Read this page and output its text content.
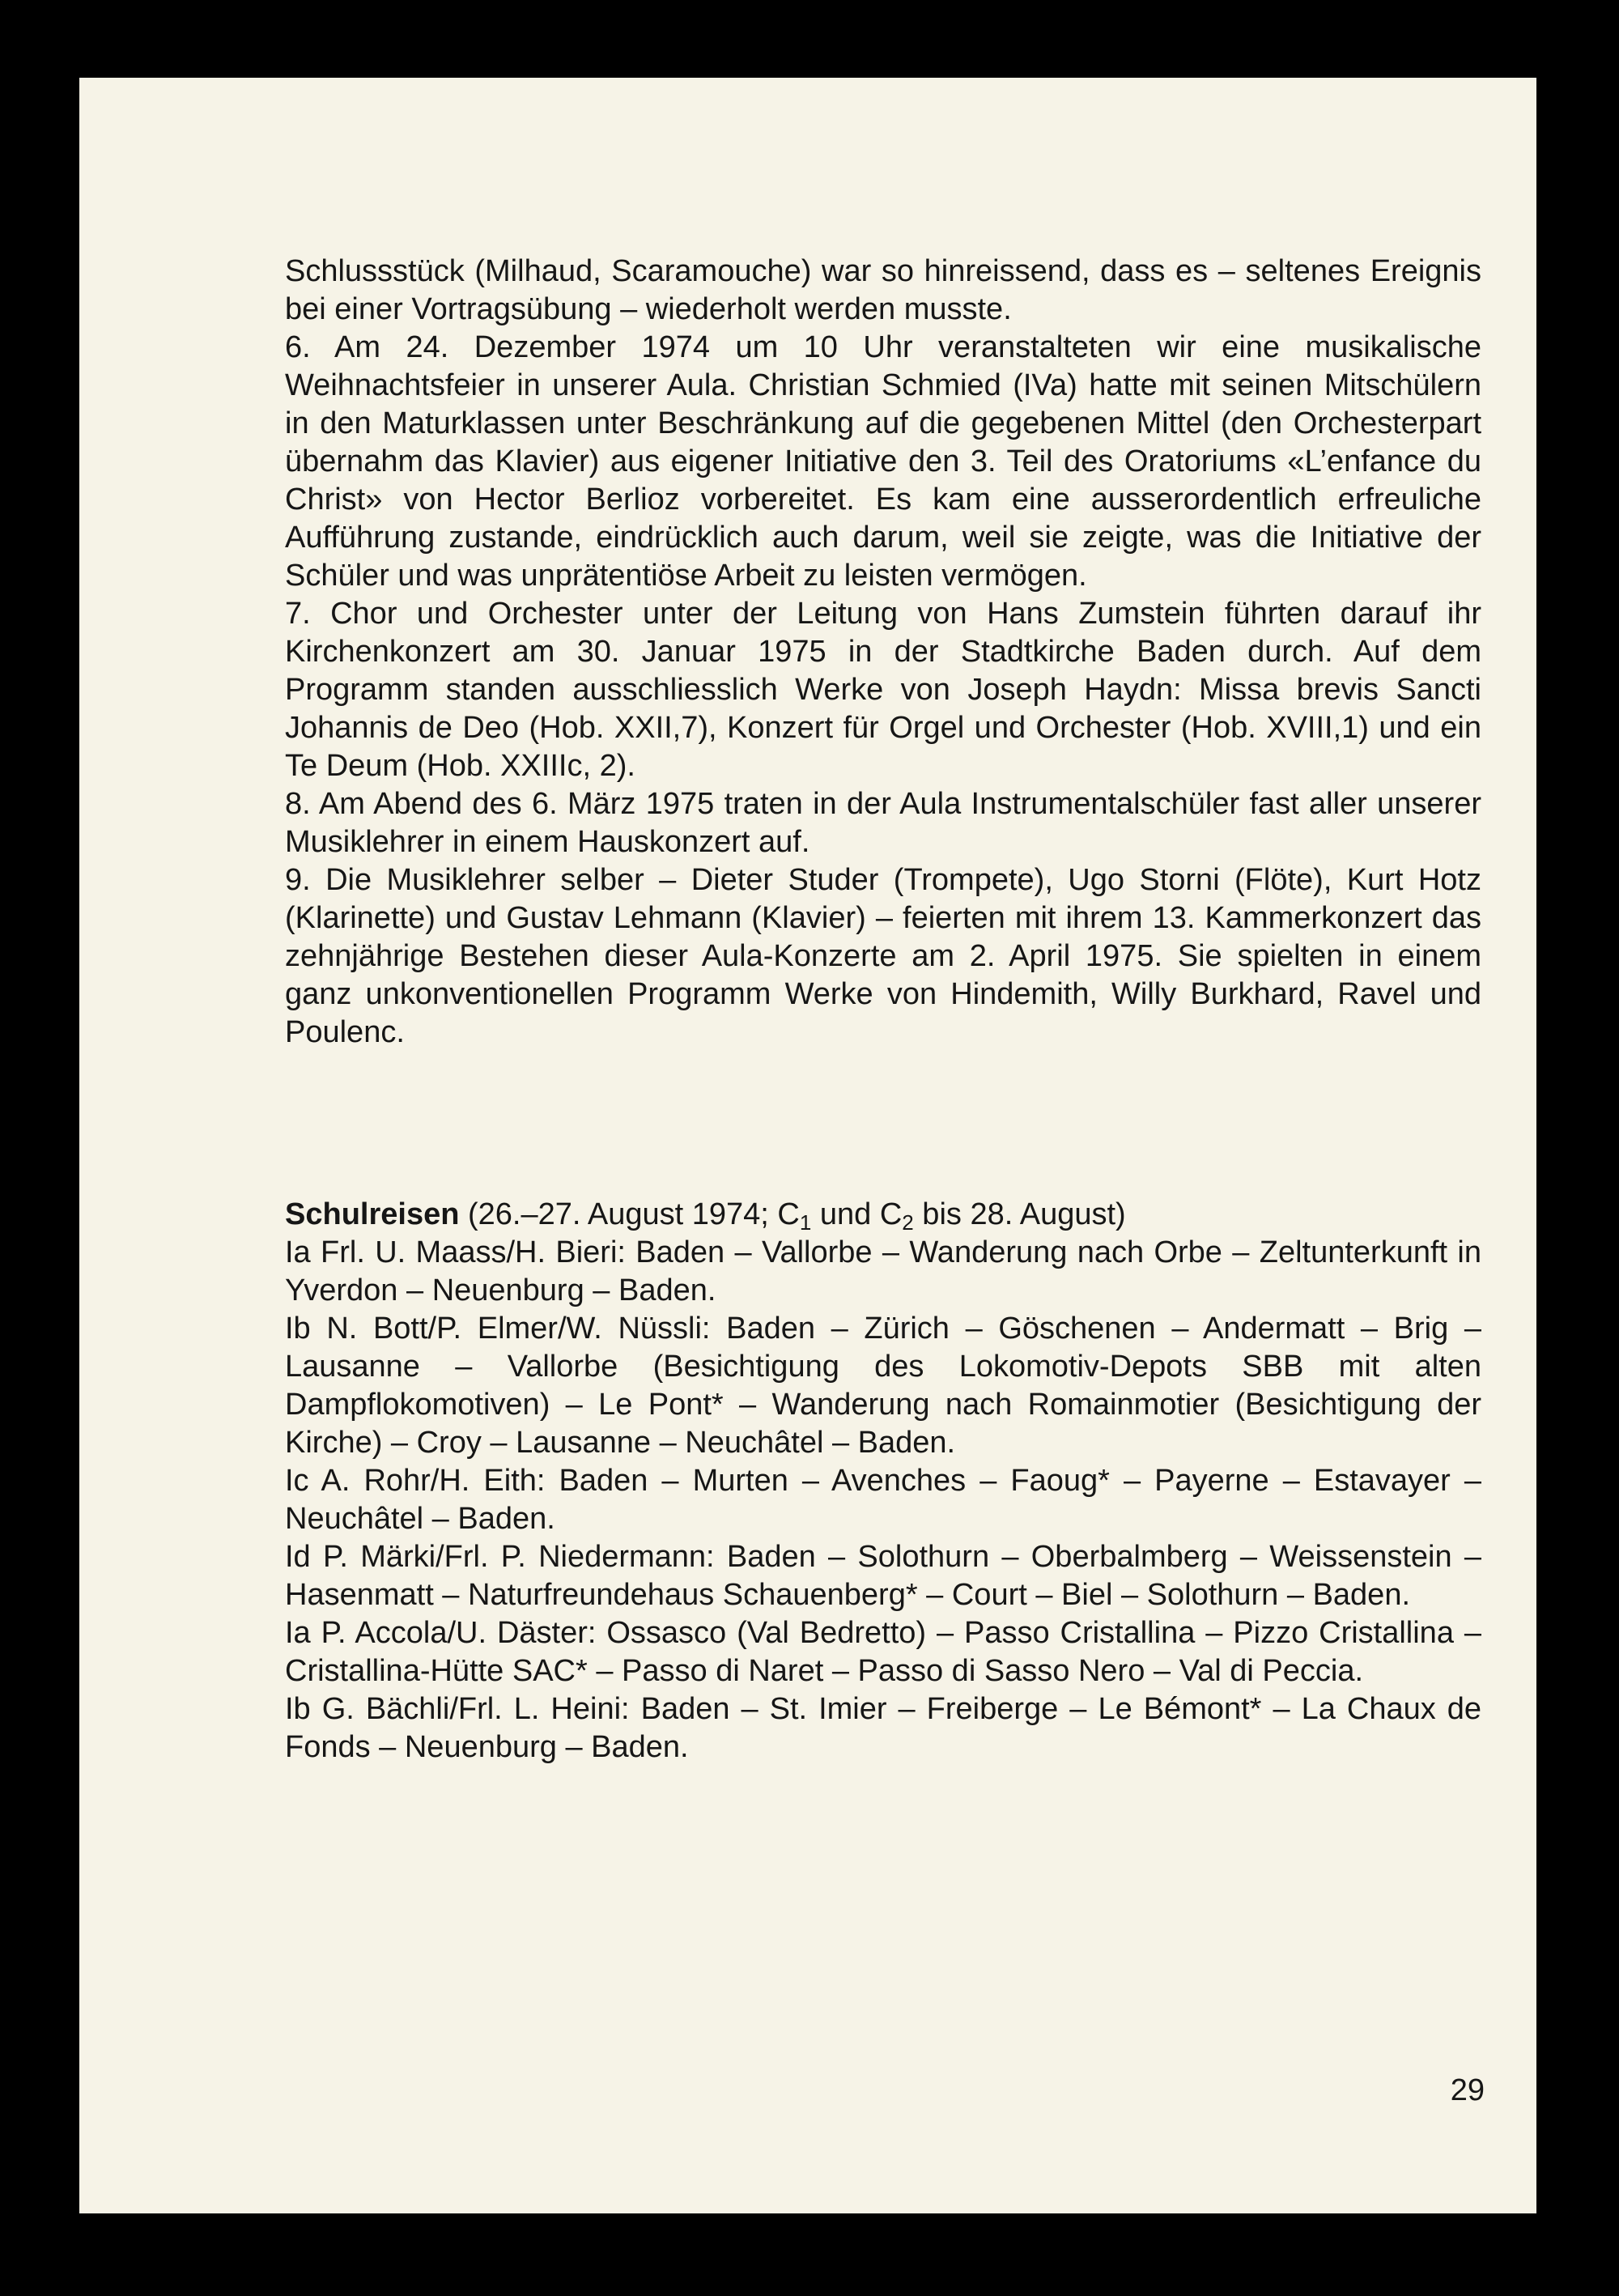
Schlussstück (Milhaud, Scaramouche) war so hinreissend, dass es – seltenes Ereignis bei einer Vortragsübung – wiederholt werden musste.

6. Am 24. Dezember 1974 um 10 Uhr veranstalteten wir eine musikalische Weihnachtsfeier in unserer Aula. Christian Schmied (IVa) hatte mit seinen Mitschülern in den Maturklassen unter Beschränkung auf die gegebenen Mittel (den Orchesterpart übernahm das Klavier) aus eigener Initiative den 3. Teil des Oratoriums «L’enfance du Christ» von Hector Berlioz vorbereitet. Es kam eine ausserordentlich erfreuliche Aufführung zustande, eindrücklich auch darum, weil sie zeigte, was die Initiative der Schüler und was unprätentiöse Arbeit zu leisten vermögen.

7. Chor und Orchester unter der Leitung von Hans Zumstein führten darauf ihr Kirchenkonzert am 30. Januar 1975 in der Stadtkirche Baden durch. Auf dem Programm standen ausschliesslich Werke von Joseph Haydn: Missa brevis Sancti Johannis de Deo (Hob. XXII,7), Konzert für Orgel und Orchester (Hob. XVIII,1) und ein Te Deum (Hob. XXIIIc, 2).

8. Am Abend des 6. März 1975 traten in der Aula Instrumentalschüler fast aller unserer Musiklehrer in einem Hauskonzert auf.

9. Die Musiklehrer selber – Dieter Studer (Trompete), Ugo Storni (Flöte), Kurt Hotz (Klarinette) und Gustav Lehmann (Klavier) – feierten mit ihrem 13. Kammerkonzert das zehnjährige Bestehen dieser Aula-Konzerte am 2. April 1975. Sie spielten in einem ganz unkonventionellen Programm Werke von Hindemith, Willy Burkhard, Ravel und Poulenc.

Schulreisen (26.–27. August 1974; $C_1$ und $C_2$ bis 28. August)

Ia Frl. U. Maass/H. Bieri: Baden – Vallorbe – Wanderung nach Orbe – Zeltunterkunft in Yverdon – Neuenburg – Baden.

Ib N. Bott/P. Elmer/W. Nüssli: Baden – Zürich – Göschenen – Andermatt – Brig – Lausanne – Vallorbe (Besichtigung des Lokomotiv-Depots SBB mit alten Dampflokomotiven) – Le Pont* – Wanderung nach Romainmotier (Besichtigung der Kirche) – Croy – Lausanne – Neuchâtel – Baden.

Ic A. Rohr/H. Eith: Baden – Murten – Avenches – Faoug* – Payerne – Estavayer – Neuchâtel – Baden.

Id P. Märki/Frl. P. Niedermann: Baden – Solothurn – Oberbalmberg – Weissenstein – Hasenmatt – Naturfreundehaus Schauenberg* – Court – Biel – Solothurn – Baden.

Ia P. Accola/U. Däster: Ossasco (Val Bedretto) – Passo Cristallina – Pizzo Cristallina – Cristallina-Hütte SAC* – Passo di Naret – Passo di Sasso Nero – Val di Peccia.

Ib G. Bächli/Frl. L. Heini: Baden – St. Imier – Freiberge – Le Bémont* – La Chaux de Fonds – Neuenburg – Baden.

29
